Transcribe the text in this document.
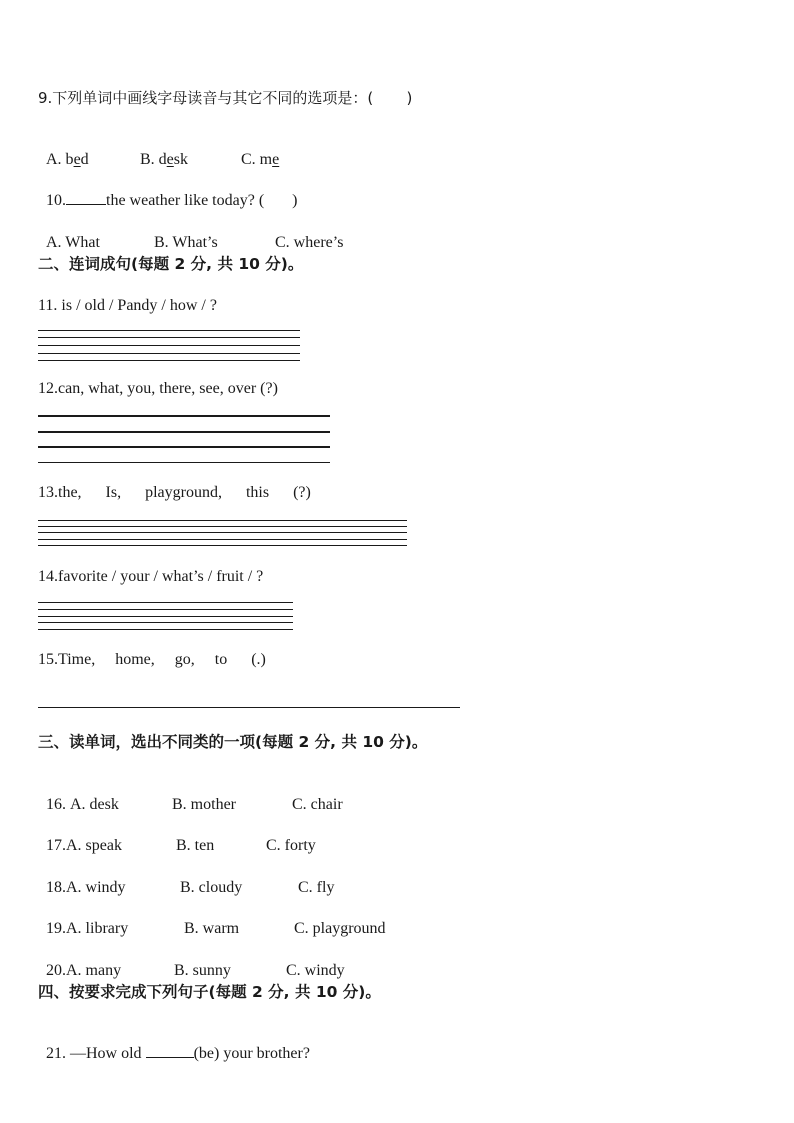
9.下列单词中画线字母读音与其它不同的选项是：(       )

A. bed	B. desk	C. me

10.	the weather like today? (       )

A. What	B. What’s	C. where’s

二、连词成句(每题 2 分, 共 10 分)。
11. is / old / Pandy / how / ?
12.can, what, you, there, see, over (?)
13.the,      Is,      playground,      this      (?)
14.favorite / your / what’s / fruit / ?
15.Time,     home,     go,     to      (.)
三、读单词，选出不同类的一项(每题 2 分, 共 10 分)。

16. A. desk	B. mother	C. chair

17.A. speak	B. ten	C. forty

18.A. windy	B. cloudy	C. fly

19.A. library	B. warm	C. playground

20.A. many	B. sunny	C. windy

四、按要求完成下列句子(每题 2 分, 共 10 分)。

21. —How old	(be) your brother?
